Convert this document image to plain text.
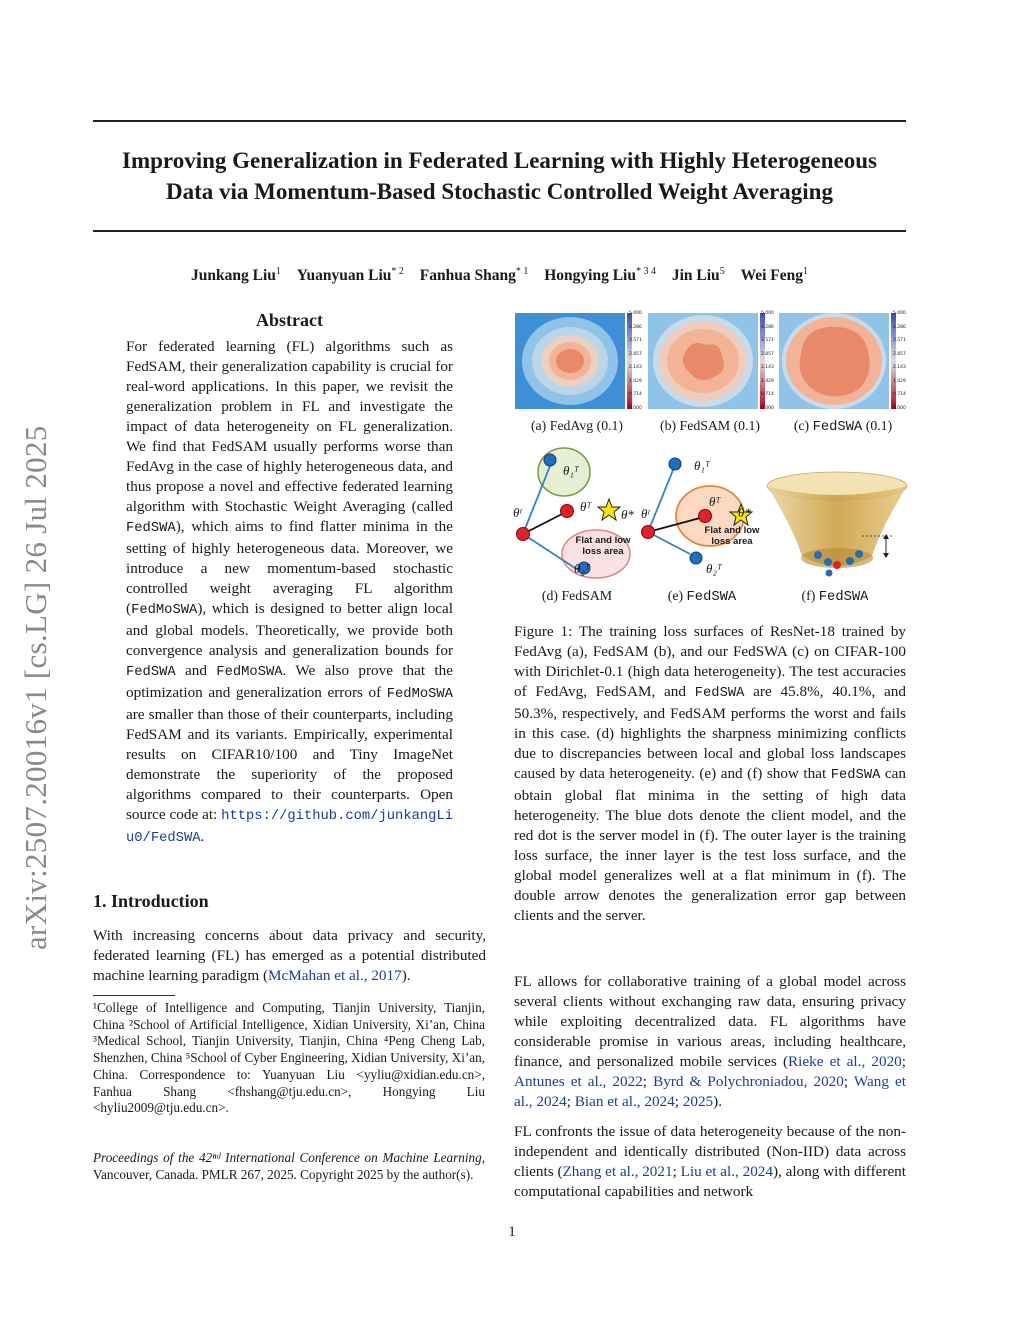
Improving Generalization in Federated Learning with Highly Heterogeneous
Data via Momentum-Based Stochastic Controlled Weight Averaging
Junkang Liu$^1$ Yuanyuan Liu$^{* 2}$ Fanhua Shang$^{* 1}$ Hongying Liu$^{* 3 4}$ Jin Liu$^5$ Wei Feng$^1$
arXiv:2507.20016v1 [cs.LG] 26 Jul 2025
Abstract
For federated learning (FL) algorithms such as FedSAM, their generalization capability is crucial for real-word applications. In this paper, we revisit the generalization problem in FL and investigate the impact of data heterogeneity on FL generalization. We find that FedSAM usually performs worse than FedAvg in the case of highly heterogeneous data, and thus propose a novel and effective federated learning algorithm with Stochastic Weight Averaging (called FedSWA), which aims to find flatter minima in the setting of highly heterogeneous data. Moreover, we introduce a new momentum-based stochastic controlled weight averaging FL algorithm (FedMoSWA), which is designed to better align local and global models. Theoretically, we provide both convergence analysis and generalization bounds for FedSWA and FedMoSWA. We also prove that the optimization and generalization errors of FedMoSWA are smaller than those of their counterparts, including FedSAM and its variants. Empirically, experimental results on CIFAR10/100 and Tiny ImageNet demonstrate the superiority of the proposed algorithms compared to their counterparts. Open source code at: https://github.com/junkangLiu0/FedSWA.
1. Introduction
With increasing concerns about data privacy and security, federated learning (FL) has emerged as a potential distributed machine learning paradigm (McMahan et al., 2017).
¹College of Intelligence and Computing, Tianjin University, Tianjin, China ²School of Artificial Intelligence, Xidian University, Xi’an, China ³Medical School, Tianjin University, Tianjin, China ⁴Peng Cheng Lab, Shenzhen, China ⁵School of Cyber Engineering, Xidian University, Xi’an, China. Correspondence to: Yuanyuan Liu <yyliu@xidian.edu.cn>, Fanhua Shang <fhshang@tju.edu.cn>, Hongying Liu <hyliu2009@tju.edu.cn>.
Proceedings of the 42ⁿᵈ International Conference on Machine Learning, Vancouver, Canada. PMLR 267, 2025. Copyright 2025 by the author(s).
5.000
4.286
3.571
2.857
2.143
1.429
0.714
0.000
5.000
4.286
3.571
2.857
2.143
1.429
0.714
0.000
5.000
4.286
3.571
2.857
2.143
1.429
0.714
0.000
(a) FedAvg (0.1)	(b) FedSAM (0.1)	(c) FedSWA (0.1)
θᵗ
θ₁ᵀ
θᵀ
θ*
θ₂ᵀ
Flat and low
loss area
θᵗ
θ₁ᵀ
θᵀ
θ*
θ₂ᵀ
Flat and low
loss area
(d) FedSAM	(e) FedSWA	(f) FedSWA
Figure 1: The training loss surfaces of ResNet-18 trained by FedAvg (a), FedSAM (b), and our FedSWA (c) on CIFAR-100 with Dirichlet-0.1 (high data heterogeneity). The test accuracies of FedAvg, FedSAM, and FedSWA are 45.8%, 40.1%, and 50.3%, respectively, and FedSAM performs the worst and fails in this case. (d) highlights the sharpness minimizing conflicts due to discrepancies between local and global loss landscapes caused by data heterogeneity. (e) and (f) show that FedSWA can obtain global flat minima in the setting of high data heterogeneity. The blue dots denote the client model, and the red dot is the server model in (f). The outer layer is the training loss surface, the inner layer is the test loss surface, and the global model generalizes well at a flat minimum in (f). The double arrow denotes the generalization error gap between clients and the server.
FL allows for collaborative training of a global model across several clients without exchanging raw data, ensuring privacy while exploiting decentralized data. FL algorithms have considerable promise in various areas, including healthcare, finance, and personalized mobile services (Rieke et al., 2020; Antunes et al., 2022; Byrd & Polychroniadou, 2020; Wang et al., 2024; Bian et al., 2024; 2025).
FL confronts the issue of data heterogeneity because of the non-independent and identically distributed (Non-IID) data across clients (Zhang et al., 2021; Liu et al., 2024), along with different computational capabilities and network
1
